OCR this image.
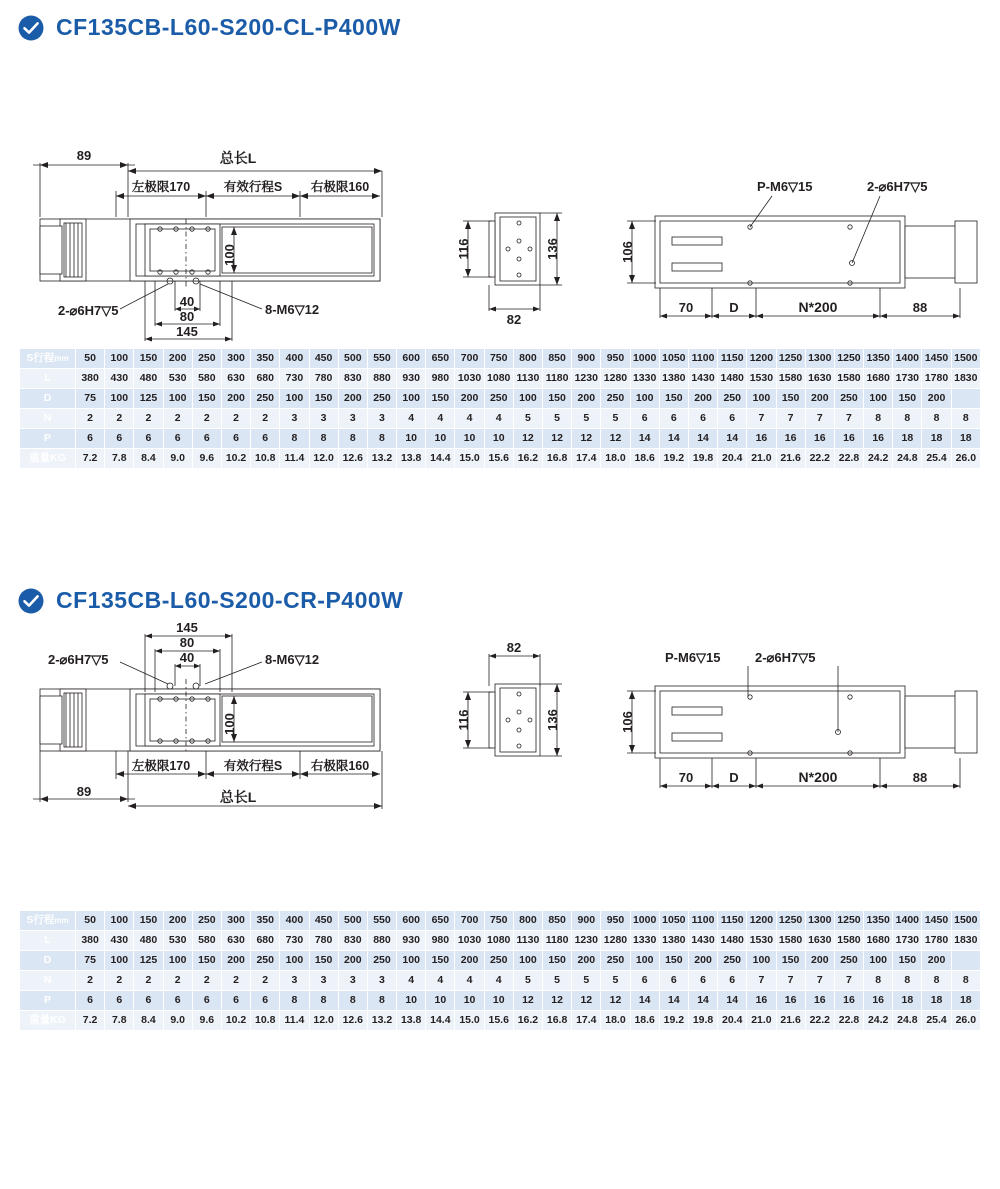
CF135CB-L60-S200-CL-P400W
89	总长L
左极限170	有效行程S 右极限160
100
40
80
145
2-⌀6H7▽5	8-M6▽12
116	136
82
106
70	D	N*200	88
P-M6▽15	2-⌀6H7▽5
S行程mm	50	100	150	200	250	300	350	400	450	500	550	600	650	700	750	800	850	900	950	1000	1050	1100	1150	1200	1250	1300	1250	1350	1400	1450	1500
L	380	430	480	530	580	630	680	730	780	830	880	930	980	1030	1080	1130	1180	1230	1280	1330	1380	1430	1480	1530	1580	1630	1580	1680	1730	1780	1830
D	75	100	125	100	150	200	250	100	150	200	250	100	150	200	250	100	150	200	250	100	150	200	250	100	150	200	250	100	150	200	
N	2	2	2	2	2	2	2	3	3	3	3	4	4	4	4	5	5	5	5	6	6	6	6	7	7	7	7	8	8	8	8
P	6	6	6	6	6	6	6	8	8	8	8	10	10	10	10	12	12	12	12	14	14	14	14	16	16	16	16	16	18	18	18
重量KG	7.2	7.8	8.4	9.0	9.6	10.2	10.8	11.4	12.0	12.6	13.2	13.8	14.4	15.0	15.6	16.2	16.8	17.4	18.0	18.6	19.2	19.8	20.4	21.0	21.6	22.2	22.8	24.2	24.8	25.4	26.0
CF135CB-L60-S200-CR-P400W
145
80
40
2-⌀6H7▽5	8-M6▽12
100
左极限170	有效行程S 右极限160
89	总长L
82
116	136	106
70	D	N*200	88
P-M6▽15	2-⌀6H7▽5
S行程mm	50	100	150	200	250	300	350	400	450	500	550	600	650	700	750	800	850	900	950	1000	1050	1100	1150	1200	1250	1300	1250	1350	1400	1450	1500
L	380	430	480	530	580	630	680	730	780	830	880	930	980	1030	1080	1130	1180	1230	1280	1330	1380	1430	1480	1530	1580	1630	1580	1680	1730	1780	1830
D	75	100	125	100	150	200	250	100	150	200	250	100	150	200	250	100	150	200	250	100	150	200	250	100	150	200	250	100	150	200	
N	2	2	2	2	2	2	2	3	3	3	3	4	4	4	4	5	5	5	5	6	6	6	6	7	7	7	7	8	8	8	8
P	6	6	6	6	6	6	6	8	8	8	8	10	10	10	10	12	12	12	12	14	14	14	14	16	16	16	16	16	18	18	18
重量KG	7.2	7.8	8.4	9.0	9.6	10.2	10.8	11.4	12.0	12.6	13.2	13.8	14.4	15.0	15.6	16.2	16.8	17.4	18.0	18.6	19.2	19.8	20.4	21.0	21.6	22.2	22.8	24.2	24.8	25.4	26.0
